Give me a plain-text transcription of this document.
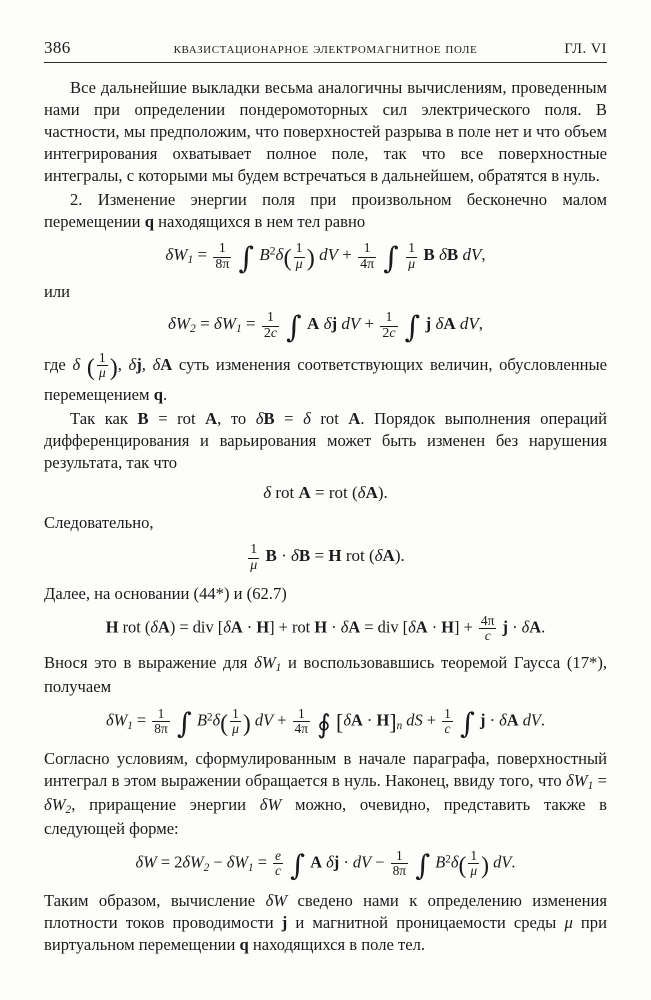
386	квазистационарное электромагнитное поле	ГЛ. VI

Все дальнейшие выкладки весьма аналогичны вычислениям, проведенным нами при определении пондеромоторных сил электрического поля. В частности, мы предположим, что поверхностей разрыва в поле нет и что объем интегрирования охватывает полное поле, так что все поверхностные интегралы, с которыми мы будем встречаться в дальнейшем, обратятся в нуль.

2. Изменение энергии поля при произвольном бесконечно малом перемещении q находящихся в нем тел равно

$\delta W_1 = \frac{1}{8\pi}$ ∫ $B^2\delta( \frac{1}{\mu}$ ) dV + $\frac{1}{4\pi}$ ∫ $\frac{1}{\mu}$ B δB dV,

или

$\delta W_2 = \delta W_1 = \frac{1}{2c}$ ∫ A δj dV + $\frac{1}{2c}$ ∫ j δA dV,

где δ ( $\frac{1}{\mu}$ ), δj, δA суть изменения соответствующих величин, обусловленные перемещением q.

Так как B = rot A, то δB = δ rot A. Порядок выполнения операций дифференцирования и варьирования может быть изменен без нарушения результата, так что

δ rot A = rot (δA).

Следовательно,

$\frac{1}{\mu}$ B · δB = H rot (δA).

Далее, на основании (44*) и (62.7)

H rot (δA) = div [δA · H] + rot H · δA = div $[\delta A \cdot H] + \frac{4\pi}{c}$ j · δA.

Внося это в выражение для $\delta W_1$ и воспользовавшись теоремой Гаусса (17*), получаем

$\delta W_1 = \frac{1}{8\pi}$ ∫ $B^2\delta( \frac{1}{\mu}$ ) dV + $\frac{1}{4\pi}$ ∮ $[\delta A \cdot H]_n$ dS + $\frac{1}{c}$ ∫ j · δA dV.

Согласно условиям, сформулированным в начале параграфа, поверхностный интеграл в этом выражении обращается в нуль. Наконец, ввиду того, что $\delta W_1 = \delta W_2$, приращение энергии δW можно, очевидно, представить также в следующей форме:

$\delta W = 2\delta W_2 - \delta W_1 = \frac{e}{c}$ ∫ A δj · dV − $\frac{1}{8\pi}$ ∫ $B^2\delta( \frac{1}{\mu}$ ) dV.

Таким образом, вычисление δW сведено нами к определению изменения плотности токов проводимости j и магнитной проницаемости среды μ при виртуальном перемещении q находящихся в поле тел.
